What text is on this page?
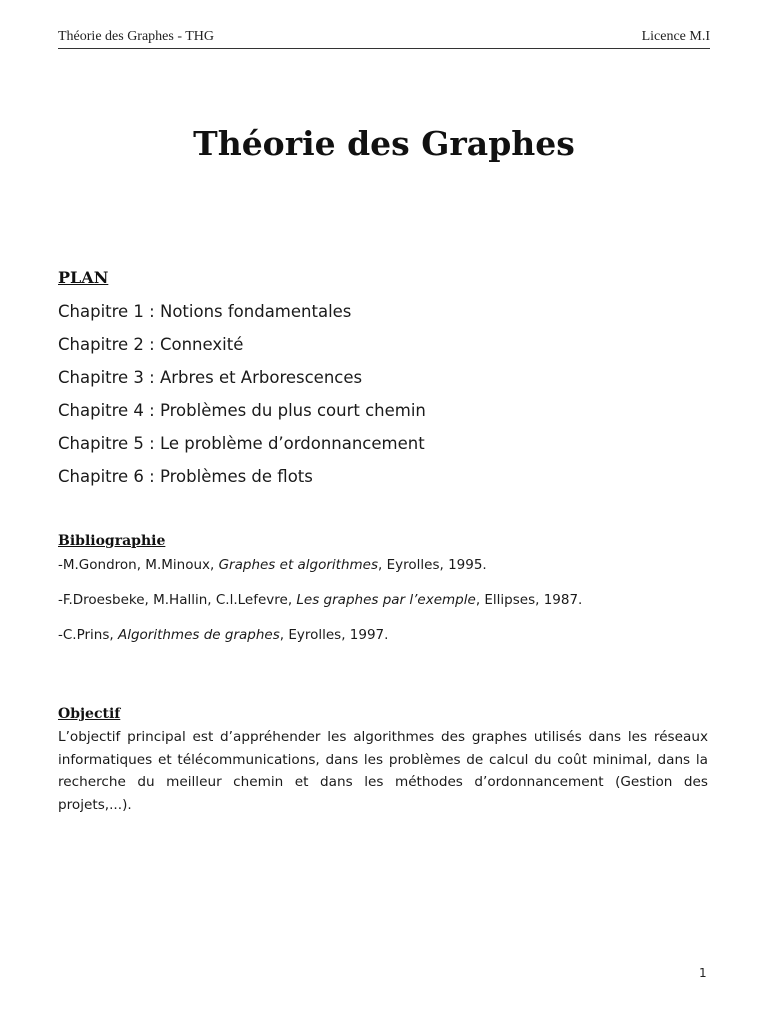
Théorie des Graphes - THG	Licence M.I
Théorie des Graphes
PLAN
Chapitre 1 : Notions fondamentales
Chapitre 2 : Connexité
Chapitre 3 : Arbres et Arborescences
Chapitre 4 : Problèmes du plus court chemin
Chapitre 5 : Le problème d’ordonnancement
Chapitre 6 : Problèmes de flots
Bibliographie
-M.Gondron, M.Minoux, Graphes et algorithmes, Eyrolles, 1995.
-F.Droesbeke, M.Hallin, C.l.Lefevre, Les graphes par l’exemple, Ellipses, 1987.
-C.Prins, Algorithmes de graphes, Eyrolles, 1997.
Objectif

L’objectif principal est d’appréhender les algorithmes des graphes utilisés dans les réseaux informatiques et télécommunications, dans les problèmes de calcul du coût minimal, dans la recherche du meilleur chemin et dans les méthodes d’ordonnancement (Gestion des projets,...).

1
